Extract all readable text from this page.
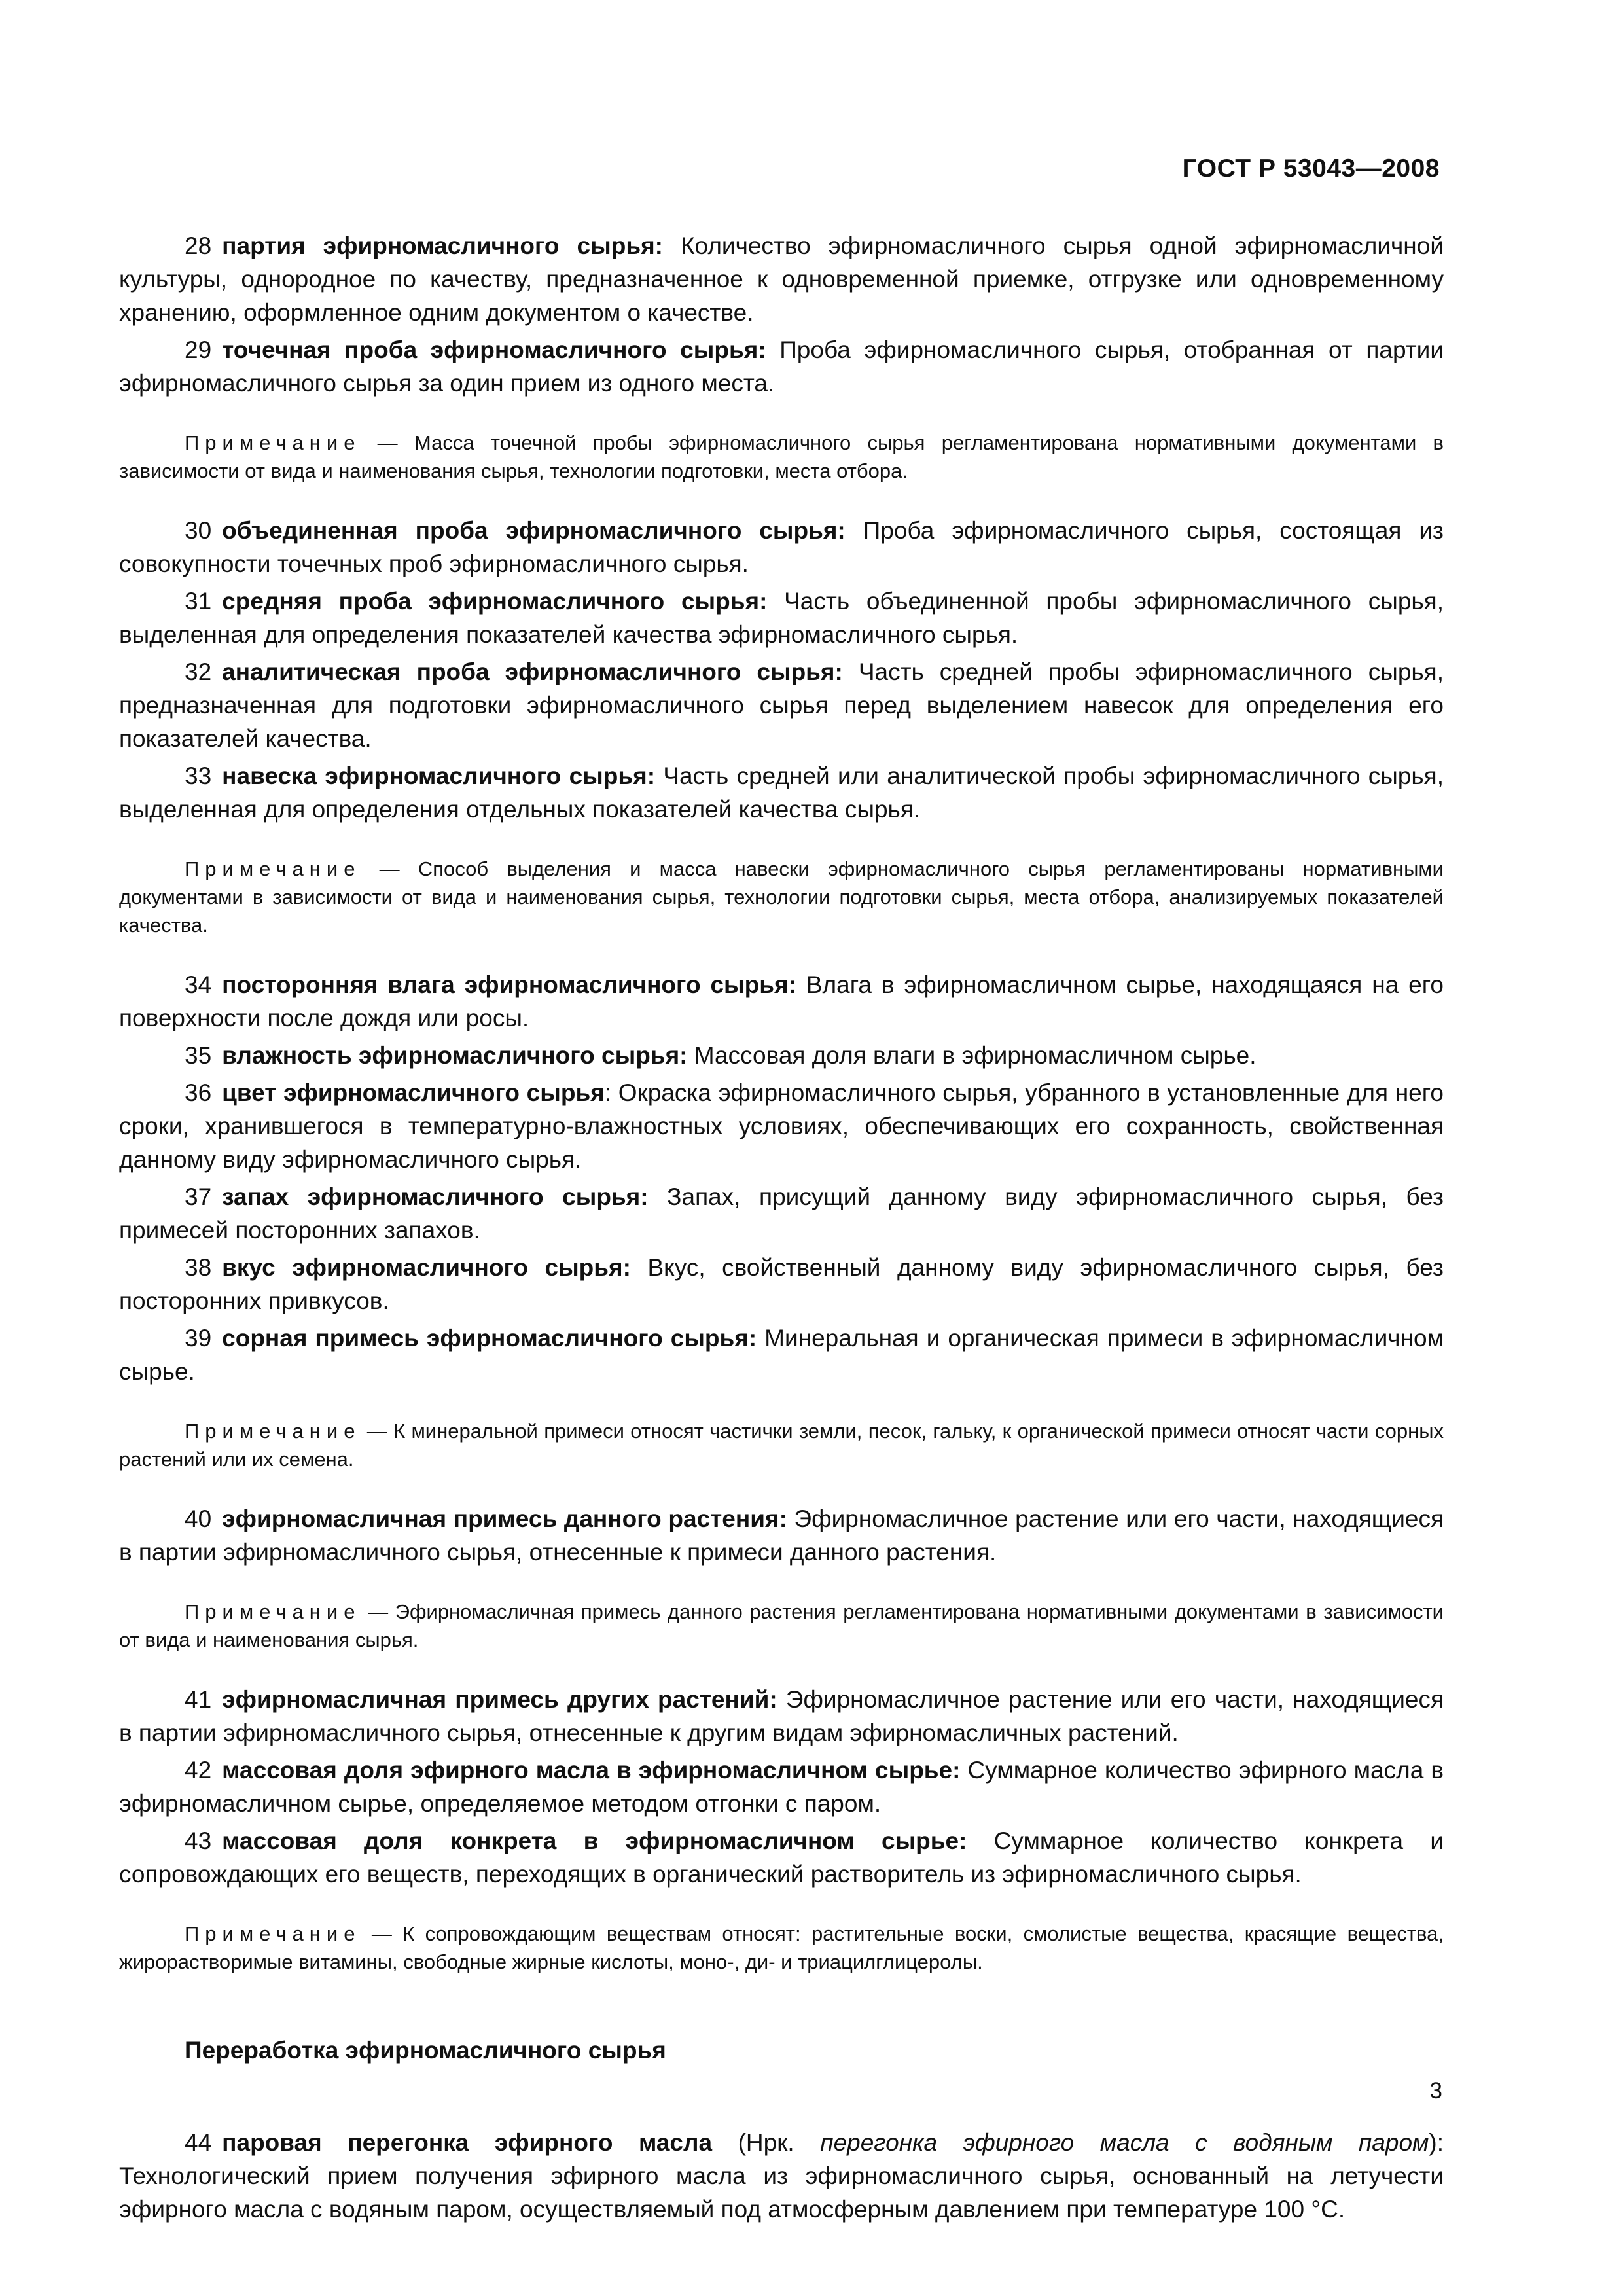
ГОСТ Р 53043—2008

28 партия эфирномасличного сырья: Количество эфирномасличного сырья одной эфирномасличной культуры, однородное по качеству, предназначенное к одновременной приемке, отгрузке или одновременному хранению, оформленное одним документом о качестве.

29 точечная проба эфирномасличного сырья: Проба эфирномасличного сырья, отобранная от партии эфирномасличного сырья за один прием из одного места.

Примечание — Масса точечной пробы эфирномасличного сырья регламентирована нормативными документами в зависимости от вида и наименования сырья, технологии подготовки, места отбора.

30 объединенная проба эфирномасличного сырья: Проба эфирномасличного сырья, состоящая из совокупности точечных проб эфирномасличного сырья.

31 средняя проба эфирномасличного сырья: Часть объединенной пробы эфирномасличного сырья, выделенная для определения показателей качества эфирномасличного сырья.

32 аналитическая проба эфирномасличного сырья: Часть средней пробы эфирномасличного сырья, предназначенная для подготовки эфирномасличного сырья перед выделением навесок для определения его показателей качества.

33 навеска эфирномасличного сырья: Часть средней или аналитической пробы эфирномасличного сырья, выделенная для определения отдельных показателей качества сырья.

Примечание — Способ выделения и масса навески эфирномасличного сырья регламентированы нормативными документами в зависимости от вида и наименования сырья, технологии подготовки сырья, места отбора, анализируемых показателей качества.

34 посторонняя влага эфирномасличного сырья: Влага в эфирномасличном сырье, находящаяся на его поверхности после дождя или росы.

35 влажность эфирномасличного сырья: Массовая доля влаги в эфирномасличном сырье.

36 цвет эфирномасличного сырья: Окраска эфирномасличного сырья, убранного в установленные для него сроки, хранившегося в температурно-влажностных условиях, обеспечивающих его сохранность, свойственная данному виду эфирномасличного сырья.

37 запах эфирномасличного сырья: Запах, присущий данному виду эфирномасличного сырья, без примесей посторонних запахов.

38 вкус эфирномасличного сырья: Вкус, свойственный данному виду эфирномасличного сырья, без посторонних привкусов.

39 сорная примесь эфирномасличного сырья: Минеральная и органическая примеси в эфирномасличном сырье.

Примечание — К минеральной примеси относят частички земли, песок, гальку, к органической примеси относят части сорных растений или их семена.

40 эфирномасличная примесь данного растения: Эфирномасличное растение или его части, находящиеся в партии эфирномасличного сырья, отнесенные к примеси данного растения.

Примечание — Эфирномасличная примесь данного растения регламентирована нормативными документами в зависимости от вида и наименования сырья.

41 эфирномасличная примесь других растений: Эфирномасличное растение или его части, находящиеся в партии эфирномасличного сырья, отнесенные к другим видам эфирномасличных растений.

42 массовая доля эфирного масла в эфирномасличном сырье: Суммарное количество эфирного масла в эфирномасличном сырье, определяемое методом отгонки с паром.

43 массовая доля конкрета в эфирномасличном сырье: Суммарное количество конкрета и сопровождающих его веществ, переходящих в органический растворитель из эфирномасличного сырья.

Примечание — К сопровождающим веществам относят: растительные воски, смолистые вещества, красящие вещества, жирорастворимые витамины, свободные жирные кислоты, моно-, ди- и триацилглицеролы.

Переработка эфирномасличного сырья

44 паровая перегонка эфирного масла (Нрк. перегонка эфирного масла с водяным паром): Технологический прием получения эфирного масла из эфирномасличного сырья, основанный на летучести эфирного масла с водяным паром, осуществляемый под атмосферным давлением при температуре 100 °С.

3
